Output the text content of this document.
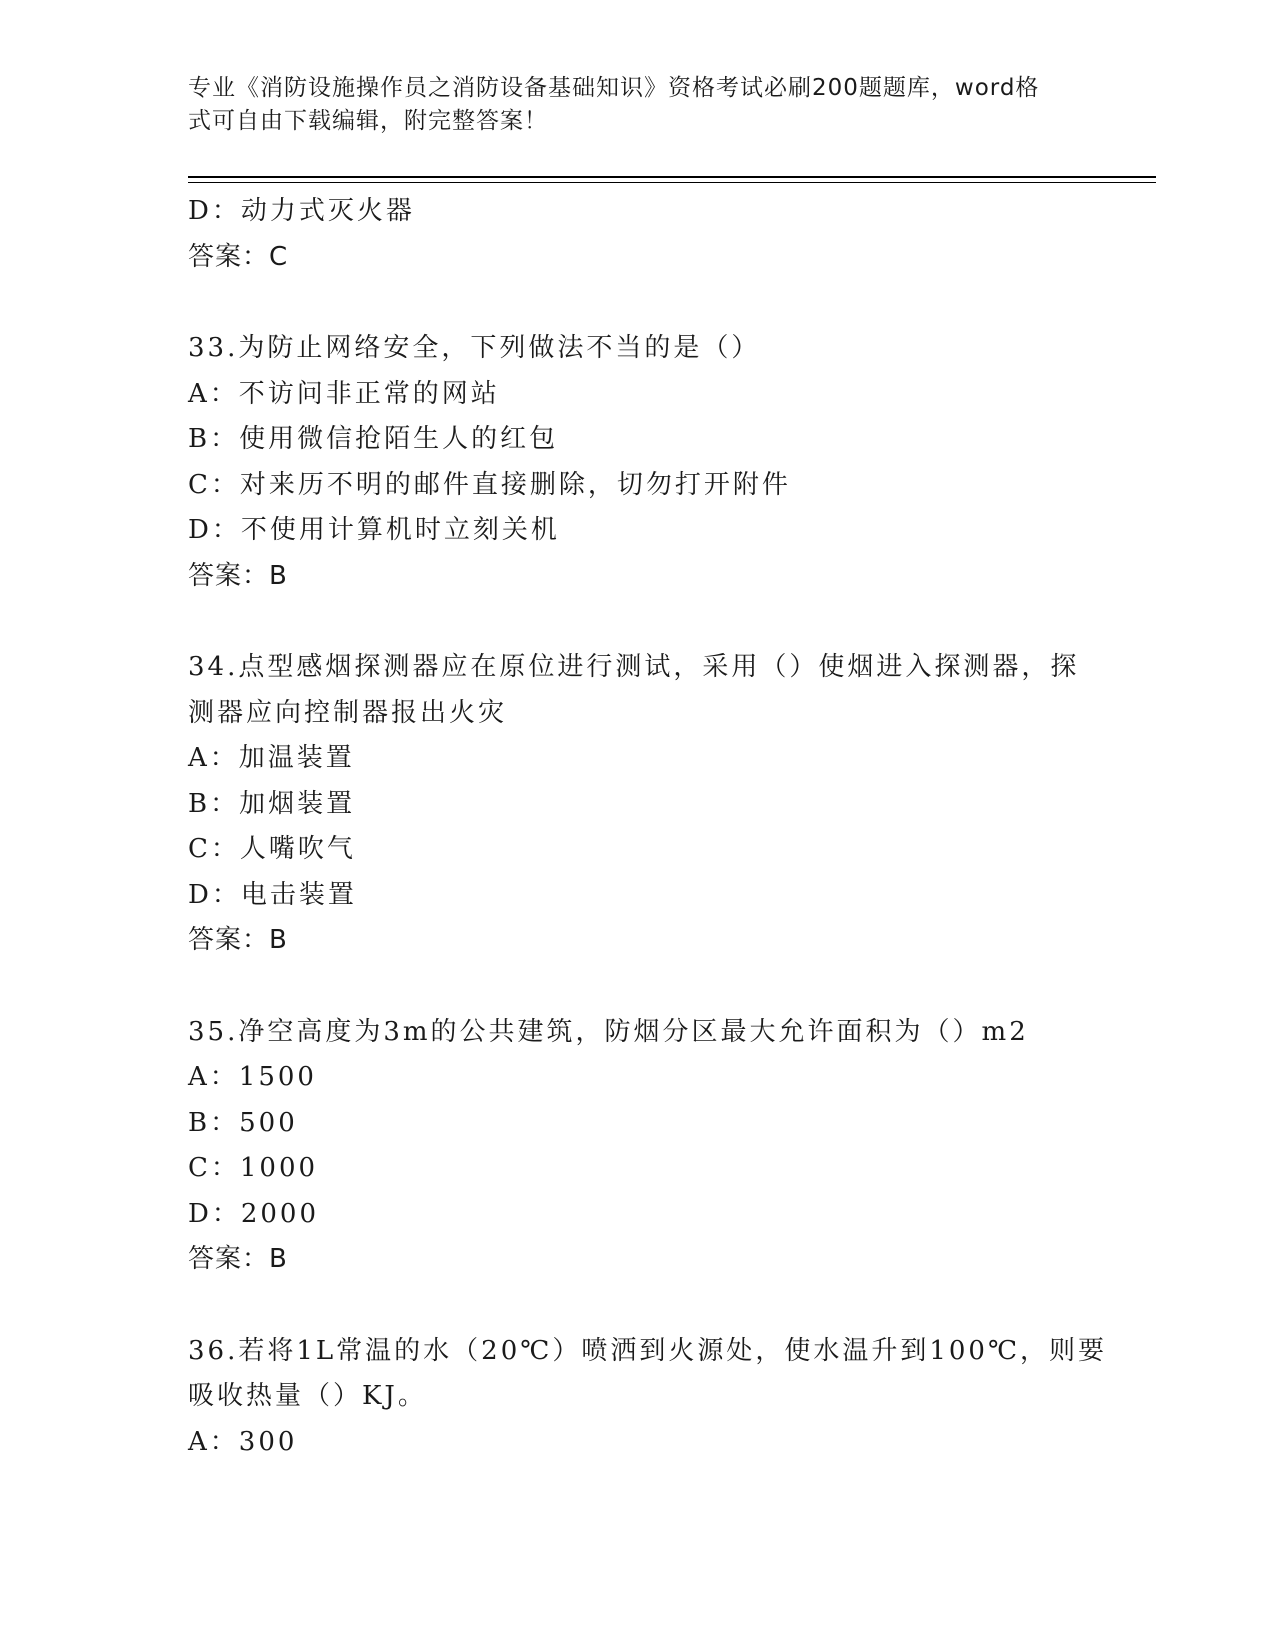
专业《消防设施操作员之消防设备基础知识》资格考试必刷200题题库，word格
式可自由下载编辑，附完整答案！
D：动力式灭火器
答案：C
33.为防止网络安全，下列做法不当的是（）
A：不访问非正常的网站
B：使用微信抢陌生人的红包
C：对来历不明的邮件直接删除，切勿打开附件
D：不使用计算机时立刻关机
答案：B
34.点型感烟探测器应在原位进行测试，采用（）使烟进入探测器，探
测器应向控制器报出火灾
A：加温装置
B：加烟装置
C：人嘴吹气
D：电击装置
答案：B
35.净空高度为3m的公共建筑，防烟分区最大允许面积为（）m2
A：1500
B：500
C：1000
D：2000
答案：B
36.若将1L常温的水（20℃）喷洒到火源处，使水温升到100℃，则要
吸收热量（）KJ。
A：300
